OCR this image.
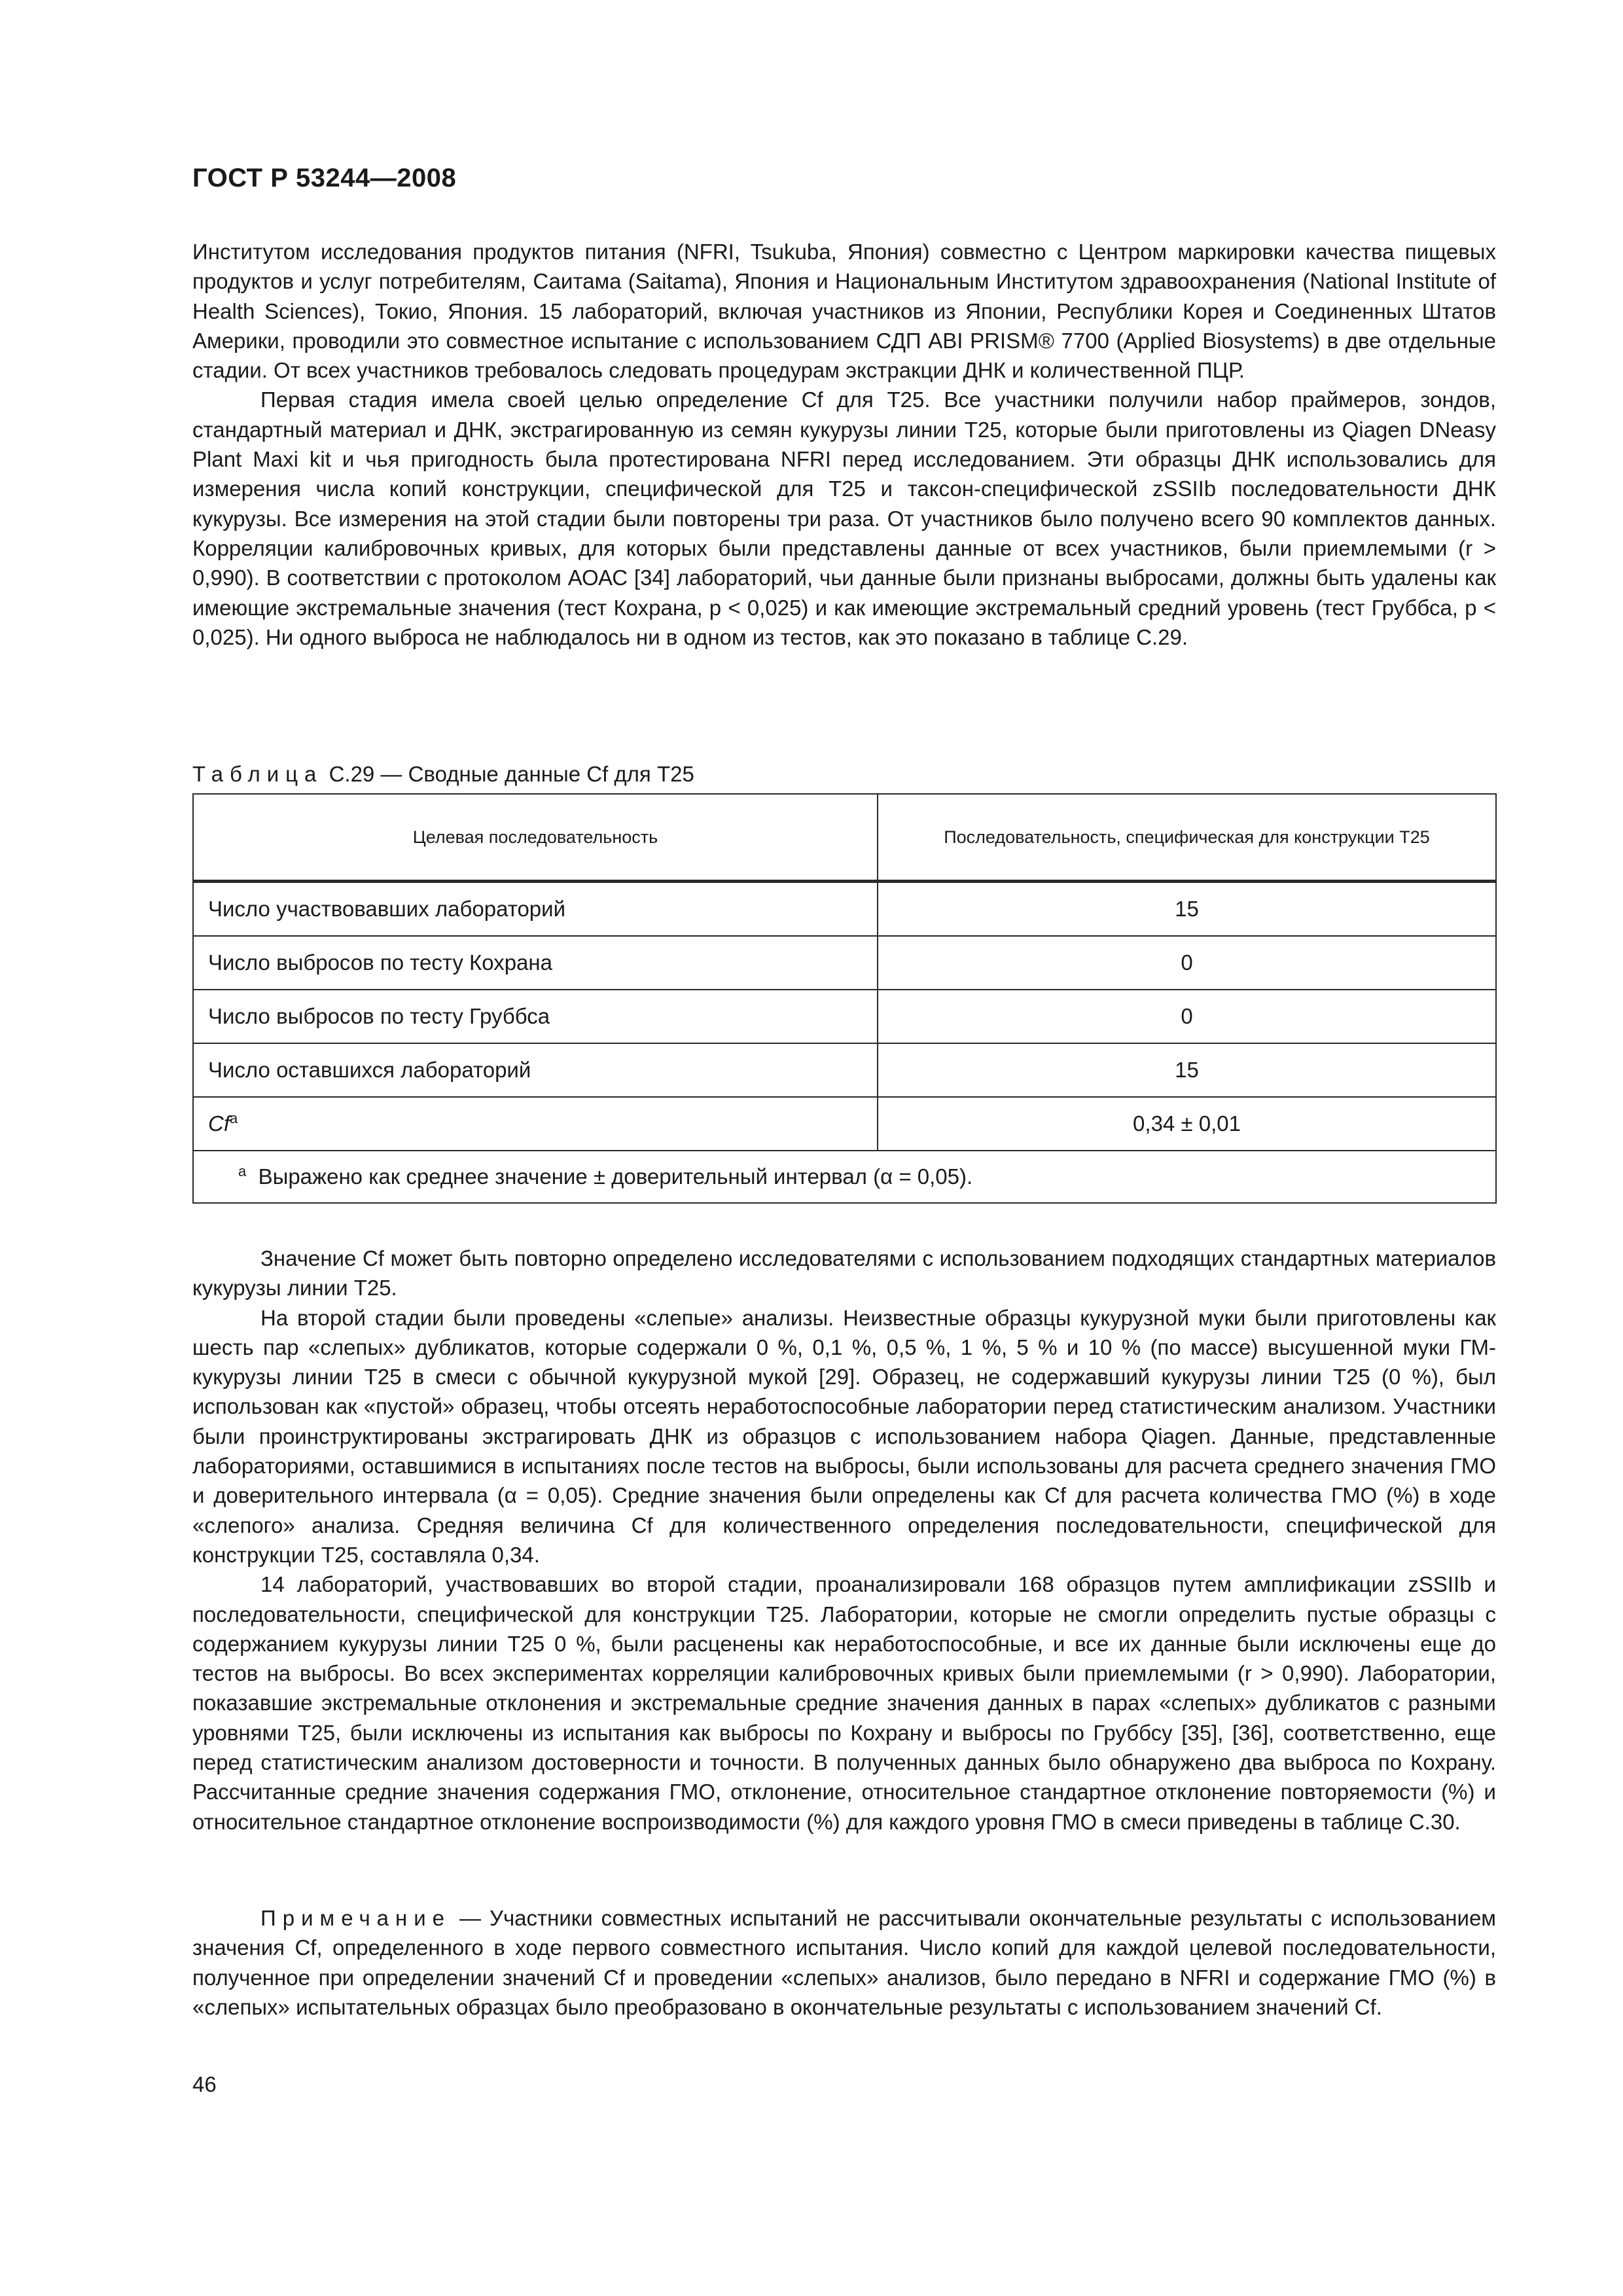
ГОСТ Р 53244—2008

Институтом исследования продуктов питания (NFRI, Tsukuba, Япония) совместно с Центром маркировки качества пищевых продуктов и услуг потребителям, Саитама (Saitama), Япония и Национальным Институтом здравоохранения (National Institute of Health Sciences), Токио, Япония. 15 лабораторий, включая участников из Японии, Республики Корея и Соединенных Штатов Америки, проводили это совместное испытание с использованием СДП ABI PRISM® 7700 (Applied Biosystems) в две отдельные стадии. От всех участников требовалось следовать процедурам экстракции ДНК и количественной ПЦР.

Первая стадия имела своей целью определение Cf для Т25. Все участники получили набор праймеров, зондов, стандартный материал и ДНК, экстрагированную из семян кукурузы линии Т25, которые были приготовлены из Qiagen DNeasy Plant Maxi kit и чья пригодность была протестирована NFRI перед исследованием. Эти образцы ДНК использовались для измерения числа копий конструкции, специфической для Т25 и таксон-специфической zSSIIb последовательности ДНК кукурузы. Все измерения на этой стадии были повторены три раза. От участников было получено всего 90 комплектов данных. Корреляции калибровочных кривых, для которых были представлены данные от всех участников, были приемлемыми (r > 0,990). В соответствии с протоколом АОАС [34] лабораторий, чьи данные были признаны выбросами, должны быть удалены как имеющие экстремальные значения (тест Кохрана, p < 0,025) и как имеющие экстремальный средний уровень (тест Груббса, p < 0,025). Ни одного выброса не наблюдалось ни в одном из тестов, как это показано в таблице С.29.

Таблица С.29 — Сводные данные Cf для Т25
Целевая последовательность	Последовательность, специфическая для конструкции Т25
Число участвовавших лабораторий	15
Число выбросов по тесту Кохрана	0
Число выбросов по тесту Груббса	0
Число оставшихся лабораторий	15
Cf$^a$	0,34 ± 0,01
$^a$ Выражено как среднее значение ± доверительный интервал (α = 0,05).	

Значение Cf может быть повторно определено исследователями с использованием подходящих стандартных материалов кукурузы линии Т25.

На второй стадии были проведены «слепые» анализы. Неизвестные образцы кукурузной муки были приготовлены как шесть пар «слепых» дубликатов, которые содержали 0 %, 0,1 %, 0,5 %, 1 %, 5 % и 10 % (по массе) высушенной муки ГМ-кукурузы линии Т25 в смеси с обычной кукурузной мукой [29]. Образец, не содержавший кукурузы линии Т25 (0 %), был использован как «пустой» образец, чтобы отсеять неработоспособные лаборатории перед статистическим анализом. Участники были проинструктированы экстрагировать ДНК из образцов с использованием набора Qiagen. Данные, представленные лабораториями, оставшимися в испытаниях после тестов на выбросы, были использованы для расчета среднего значения ГМО и доверительного интервала (α = 0,05). Средние значения были определены как Cf для расчета количества ГМО (%) в ходе «слепого» анализа. Средняя величина Cf для количественного определения последовательности, специфической для конструкции Т25, составляла 0,34.

14 лабораторий, участвовавших во второй стадии, проанализировали 168 образцов путем амплификации zSSIIb и последовательности, специфической для конструкции Т25. Лаборатории, которые не смогли определить пустые образцы с содержанием кукурузы линии Т25 0 %, были расценены как неработоспособные, и все их данные были исключены еще до тестов на выбросы. Во всех экспериментах корреляции калибровочных кривых были приемлемыми (r > 0,990). Лаборатории, показавшие экстремальные отклонения и экстремальные средние значения данных в парах «слепых» дубликатов с разными уровнями Т25, были исключены из испытания как выбросы по Кохрану и выбросы по Груббсу [35], [36], соответственно, еще перед статистическим анализом достоверности и точности. В полученных данных было обнаружено два выброса по Кохрану. Рассчитанные средние значения содержания ГМО, отклонение, относительное стандартное отклонение повторяемости (%) и относительное стандартное отклонение воспроизводимости (%) для каждого уровня ГМО в смеси приведены в таблице С.30.

Примечание — Участники совместных испытаний не рассчитывали окончательные результаты с использованием значения Cf, определенного в ходе первого совместного испытания. Число копий для каждой целевой последовательности, полученное при определении значений Cf и проведении «слепых» анализов, было передано в NFRI и содержание ГМО (%) в «слепых» испытательных образцах было преобразовано в окончательные результаты с использованием значений Cf.

46
